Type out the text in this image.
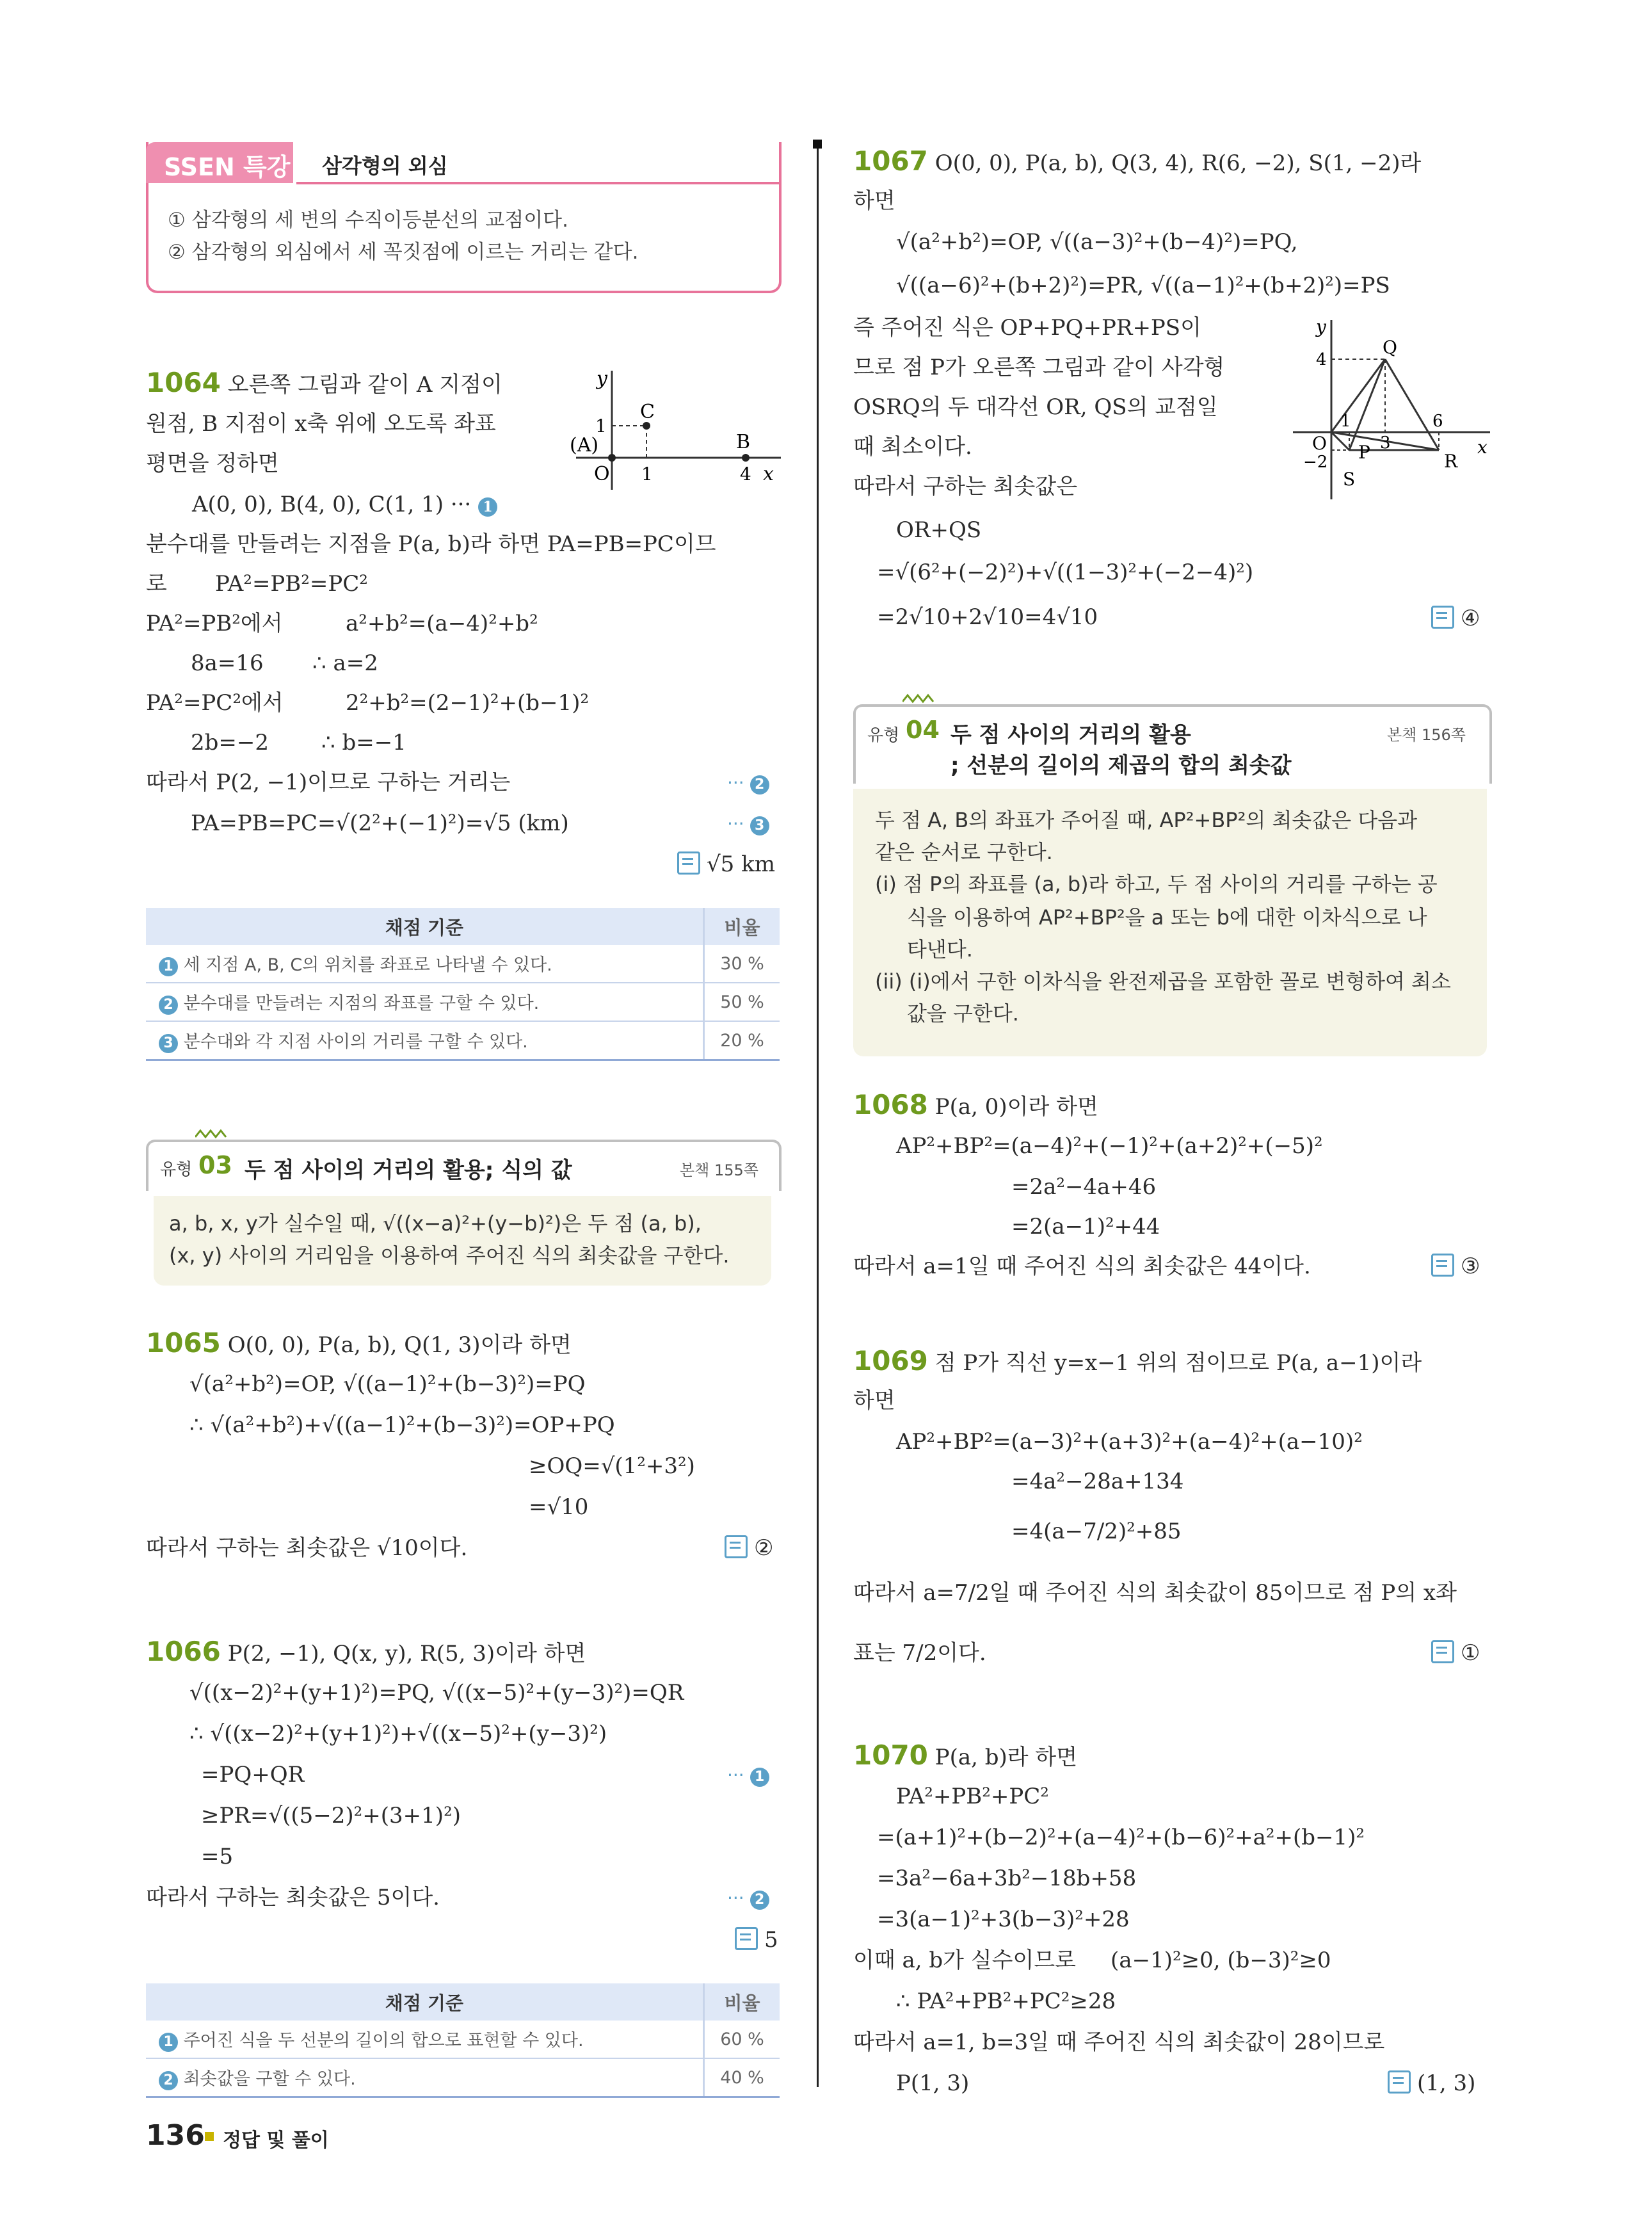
SSEN 특강 삼각형의 외심
① 삼각형의 세 변의 수직이등분선의 교점이다.
② 삼각형의 외심에서 세 꼭짓점에 이르는 거리는 같다.
1064 오른쪽 그림과 같이 A 지점이
원점, B 지점이 x축 위에 오도록 좌표
평면을 정하면
A(0, 0), B(4, 0), C(1, 1) ··· 1
분수대를 만들려는 지점을 P(a, b)라 하면 PA=PB=PC이므
로 PA²=PB²=PC²
PA²=PB²에서	a²+b²=(a−4)²+b²
8a=16 ∴ a=2
PA²=PC²에서	2²+b²=(2−1)²+(b−1)²
2b=−2 ∴ b=−1
따라서 P(2, −1)이므로 구하는 거리는	··· 2
PA=PB=PC=√(2²+(−1)²)=√5 (km)	··· 3
√5 km
y
x
C
(A)
O
B
1
1
4
채점 기준	비율
1 세 지점 A, B, C의 위치를 좌표로 나타낼 수 있다.	30 %
2 분수대를 만들려는 지점의 좌표를 구할 수 있다.	50 %
3 분수대와 각 지점 사이의 거리를 구할 수 있다.	20 %
유형 03 두 점 사이의 거리의 활용; 식의 값	본책 155쪽
a, b, x, y가 실수일 때, √((x−a)²+(y−b)²)은 두 점 (a, b),
(x, y) 사이의 거리임을 이용하여 주어진 식의 최솟값을 구한다.
1065 O(0, 0), P(a, b), Q(1, 3)이라 하면
√(a²+b²)=OP, √((a−1)²+(b−3)²)=PQ
∴ √(a²+b²)+√((a−1)²+(b−3)²)=OP+PQ
≥OQ=√(1²+3²)
=√10
따라서 구하는 최솟값은 √10이다.	②
1066 P(2, −1), Q(x, y), R(5, 3)이라 하면
√((x−2)²+(y+1)²)=PQ, √((x−5)²+(y−3)²)=QR
∴ √((x−2)²+(y+1)²)+√((x−5)²+(y−3)²)
=PQ+QR	··· 1
≥PR=√((5−2)²+(3+1)²)
=5
따라서 구하는 최솟값은 5이다.	··· 2
5
채점 기준	비율
1 주어진 식을 두 선분의 길이의 합으로 표현할 수 있다.	60 %
2 최솟값을 구할 수 있다.	40 %
136 정답 및 풀이
1067 O(0, 0), P(a, b), Q(3, 4), R(6, −2), S(1, −2)라
하면
√(a²+b²)=OP, √((a−3)²+(b−4)²)=PQ,
√((a−6)²+(b+2)²)=PR, √((a−1)²+(b+2)²)=PS
즉 주어진 식은 OP+PQ+PR+PS이
므로 점 P가 오른쪽 그림과 같이 사각형
OSRQ의 두 대각선 OR, QS의 교점일
때 최소이다.
따라서 구하는 최솟값은
OR+QS
=√(6²+(−2)²)+√((1−3)²+(−2−4)²)
=2√10+2√10=4√10	④
y
x
Q
4
1	6
O	3
P	R
−2
S
유형 04 두 점 사이의 거리의 활용
; 선분의 길이의 제곱의 합의 최솟값
본책 156쪽
두 점 A, B의 좌표가 주어질 때, AP²+BP²의 최솟값은 다음과
같은 순서로 구한다.
(i) 점 P의 좌표를 (a, b)라 하고, 두 점 사이의 거리를 구하는 공
식을 이용하여 AP²+BP²을 a 또는 b에 대한 이차식으로 나
타낸다.
(ii) (i)에서 구한 이차식을 완전제곱을 포함한 꼴로 변형하여 최소
값을 구한다.
1068 P(a, 0)이라 하면
AP²+BP²=(a−4)²+(−1)²+(a+2)²+(−5)²
=2a²−4a+46
=2(a−1)²+44
따라서 a=1일 때 주어진 식의 최솟값은 44이다.	③
1069 점 P가 직선 y=x−1 위의 점이므로 P(a, a−1)이라
하면
AP²+BP²=(a−3)²+(a+3)²+(a−4)²+(a−10)²
=4a²−28a+134
=4(a−7/2)²+85
따라서 a=7/2일 때 주어진 식의 최솟값이 85이므로 점 P의 x좌
표는 7/2이다.	①
1070 P(a, b)라 하면
PA²+PB²+PC²
=(a+1)²+(b−2)²+(a−4)²+(b−6)²+a²+(b−1)²
=3a²−6a+3b²−18b+58
=3(a−1)²+3(b−3)²+28
이때 a, b가 실수이므로     (a−1)²≥0, (b−3)²≥0
∴ PA²+PB²+PC²≥28
따라서 a=1, b=3일 때 주어진 식의 최솟값이 28이므로
P(1, 3)	(1, 3)
